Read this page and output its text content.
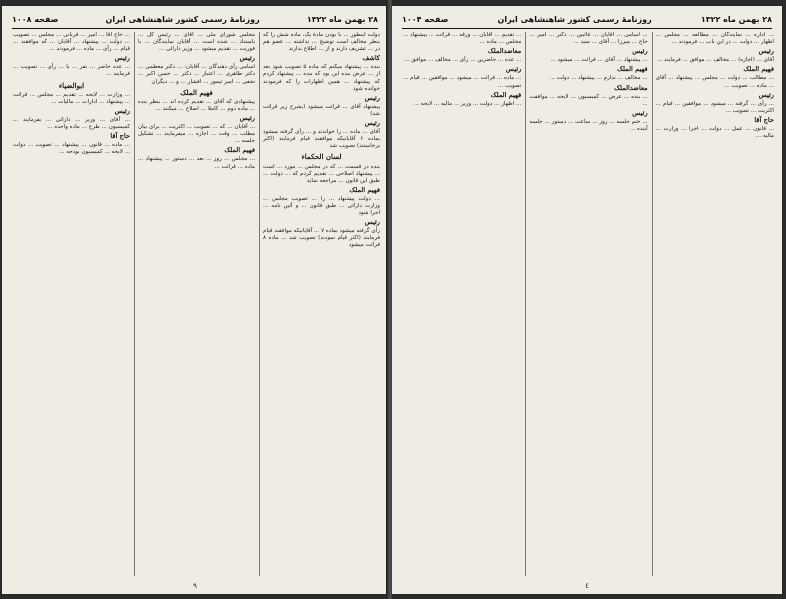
۲۸ بهمن ماه ۱۳۲۲
روزنامهٔ رسمی کشور شاهنشاهی ایران
صفحه ۱۰۰۸

دولت اینطور ... با بودن مادهٔ یک، ماده شش را که بنظر مخالف است توضیح ... نداشته ... عضو هم در ... تشریف دارند و از ... اطلاع ندارند

کاشف

بنده ... پیشنهاد میکنم که ماده ۵ تصویب شود بعد از ... عرض بنده این بود که بنده ... پیشنهاد کردم که پیشنهاد ... همین اظهارات را که فرمودند خوانده شود

رئیس

پیشنهاد آقای ... قرائت میشود (بشرح زیر قرائت شد)

رئیس

آقای ... ماده ... را خواندند و ... رأی گرفته میشود بماده ۶ آقایانیکه موافقند قیام فرمایند (اکثر برخاستند) تصویب شد

لسان الحکماء

بنده در قسمت ... که در مجلس ... مورد ... است ... پیشنهاد اصلاحی ... تقدیم کردم که ... دولت ... طبق این قانون ... مراجعه نماید

فهیم الملک

... دولت پیشنهاد ... را ... تصویب مجلس ... وزارت دارائی ... طبق قانون ... و آئین نامه ... اجرا شود

رئیس

رأی گرفته میشود بماده ۷ ... آقایانیکه موافقند قیام فرمایند (اکثر قیام نمودند) تصویب شد ... ماده ۸ قرائت میشود

مجلس شورای ملی ... آقای ... رئیس کل ... باستناد ... شده است ... آقایان نمایندگان ... با فوریت ... تقدیم میشود ... وزیر دارائی ...

رئیس

اسامی رأی دهندگان ... آقایان: ... دکتر معظمی ... دکتر طاهری ... اعتبار ... دکتر ... حسن اکبر ... نجفی ... امیر تیمور ... افشار ... و ... دیگران

فهیم الملک

پیشنهادی که آقای ... تقدیم کرده اند ... بنظر بنده ... ماده دوم ... کاملا ... اصلاح ... میکنند ...

رئیس

... آقایان ... که ... تصویب ... اکثریت ... برای بیان مطلب ... وقت ... اجازه ... میفرمایند ... تشکیل جلسه ...

فهیم الملک

... مجلس ... روز ... بعد ... دستور ... پیشنهاد ... ماده ... قرائت ...

... حاج آقا ... امیر ... قربانی ... مجلس ... تصویب ... دولت ... پیشنهاد ... آقایان ... که موافقند ... قیام ... رأی ... ماده ... فرمودند ...

رئیس

... عده حاضر ... نفر ... با ... رأی ... تصویب ... فرمایند ...

ابوالضیاء

... وزارت ... لایحه ... تقدیم ... مجلس ... قرائت ... پیشنهاد ... ادارات ... مالیات ...

رئیس

... آقای ... وزیر ... دارائی ... بفرمایند ... کمیسیون ... طرح ... ماده واحده ...

حاج آقا

... ماده ... قانون ... پیشنهاد ... تصویب ... دولت ... لایحه ... کمیسیون بودجه ...

٩
۲۸ بهمن ماه ۱۳۲۲
روزنامهٔ رسمی کشور شاهنشاهی ایران
صفحه ۱۰۰۴

... اداره ... نمایندگان ... مطالعه ... مجلس ... اظهار ... دولت ... در این باب ... فرمودند ...

رئیس

آقای ... (اجازه) ... مخالف ... موافق ... فرمایند ...

فهیم الملک

... مطالب ... دولت ... مجلس ... پیشنهاد ... آقای ... ماده ... تصویب ...

رئیس

... رأی ... گرفته ... میشود ... موافقین ... قیام ... اکثریت ... تصویب ...

حاج آقا

... قانون ... عمل ... دولت ... اجرا ... وزارت ... مالیه ...

... اسامی ... آقایان ... غائبین ... دکتر ... امیر ... حاج ... میرزا ... آقای ... سید ...

رئیس

... پیشنهاد ... آقای ... قرائت ... میشود ...

فهیم الملک

... مخالف ... ندارم ... پیشنهاد ... دولت ...

معاضدالملک

... بنده ... عرض ... کمیسیون ... لایحه ... موافقت ...

رئیس

... ختم جلسه ... روز ... ساعت ... دستور ... جلسه آینده ...

... تقدیم ... آقایان ... ورقه ... قرائت ... پیشنهاد ... مجلس ... ماده ...

معاضدالملک

... عده ... حاضرین ... رأی ... مخالف ... موافق ...

رئیس

... ماده ... قرائت ... میشود ... موافقین ... قیام ... تصویب ...

فهیم الملک

... اظهار ... دولت ... وزیر ... مالیه ... لایحه ...

٤
